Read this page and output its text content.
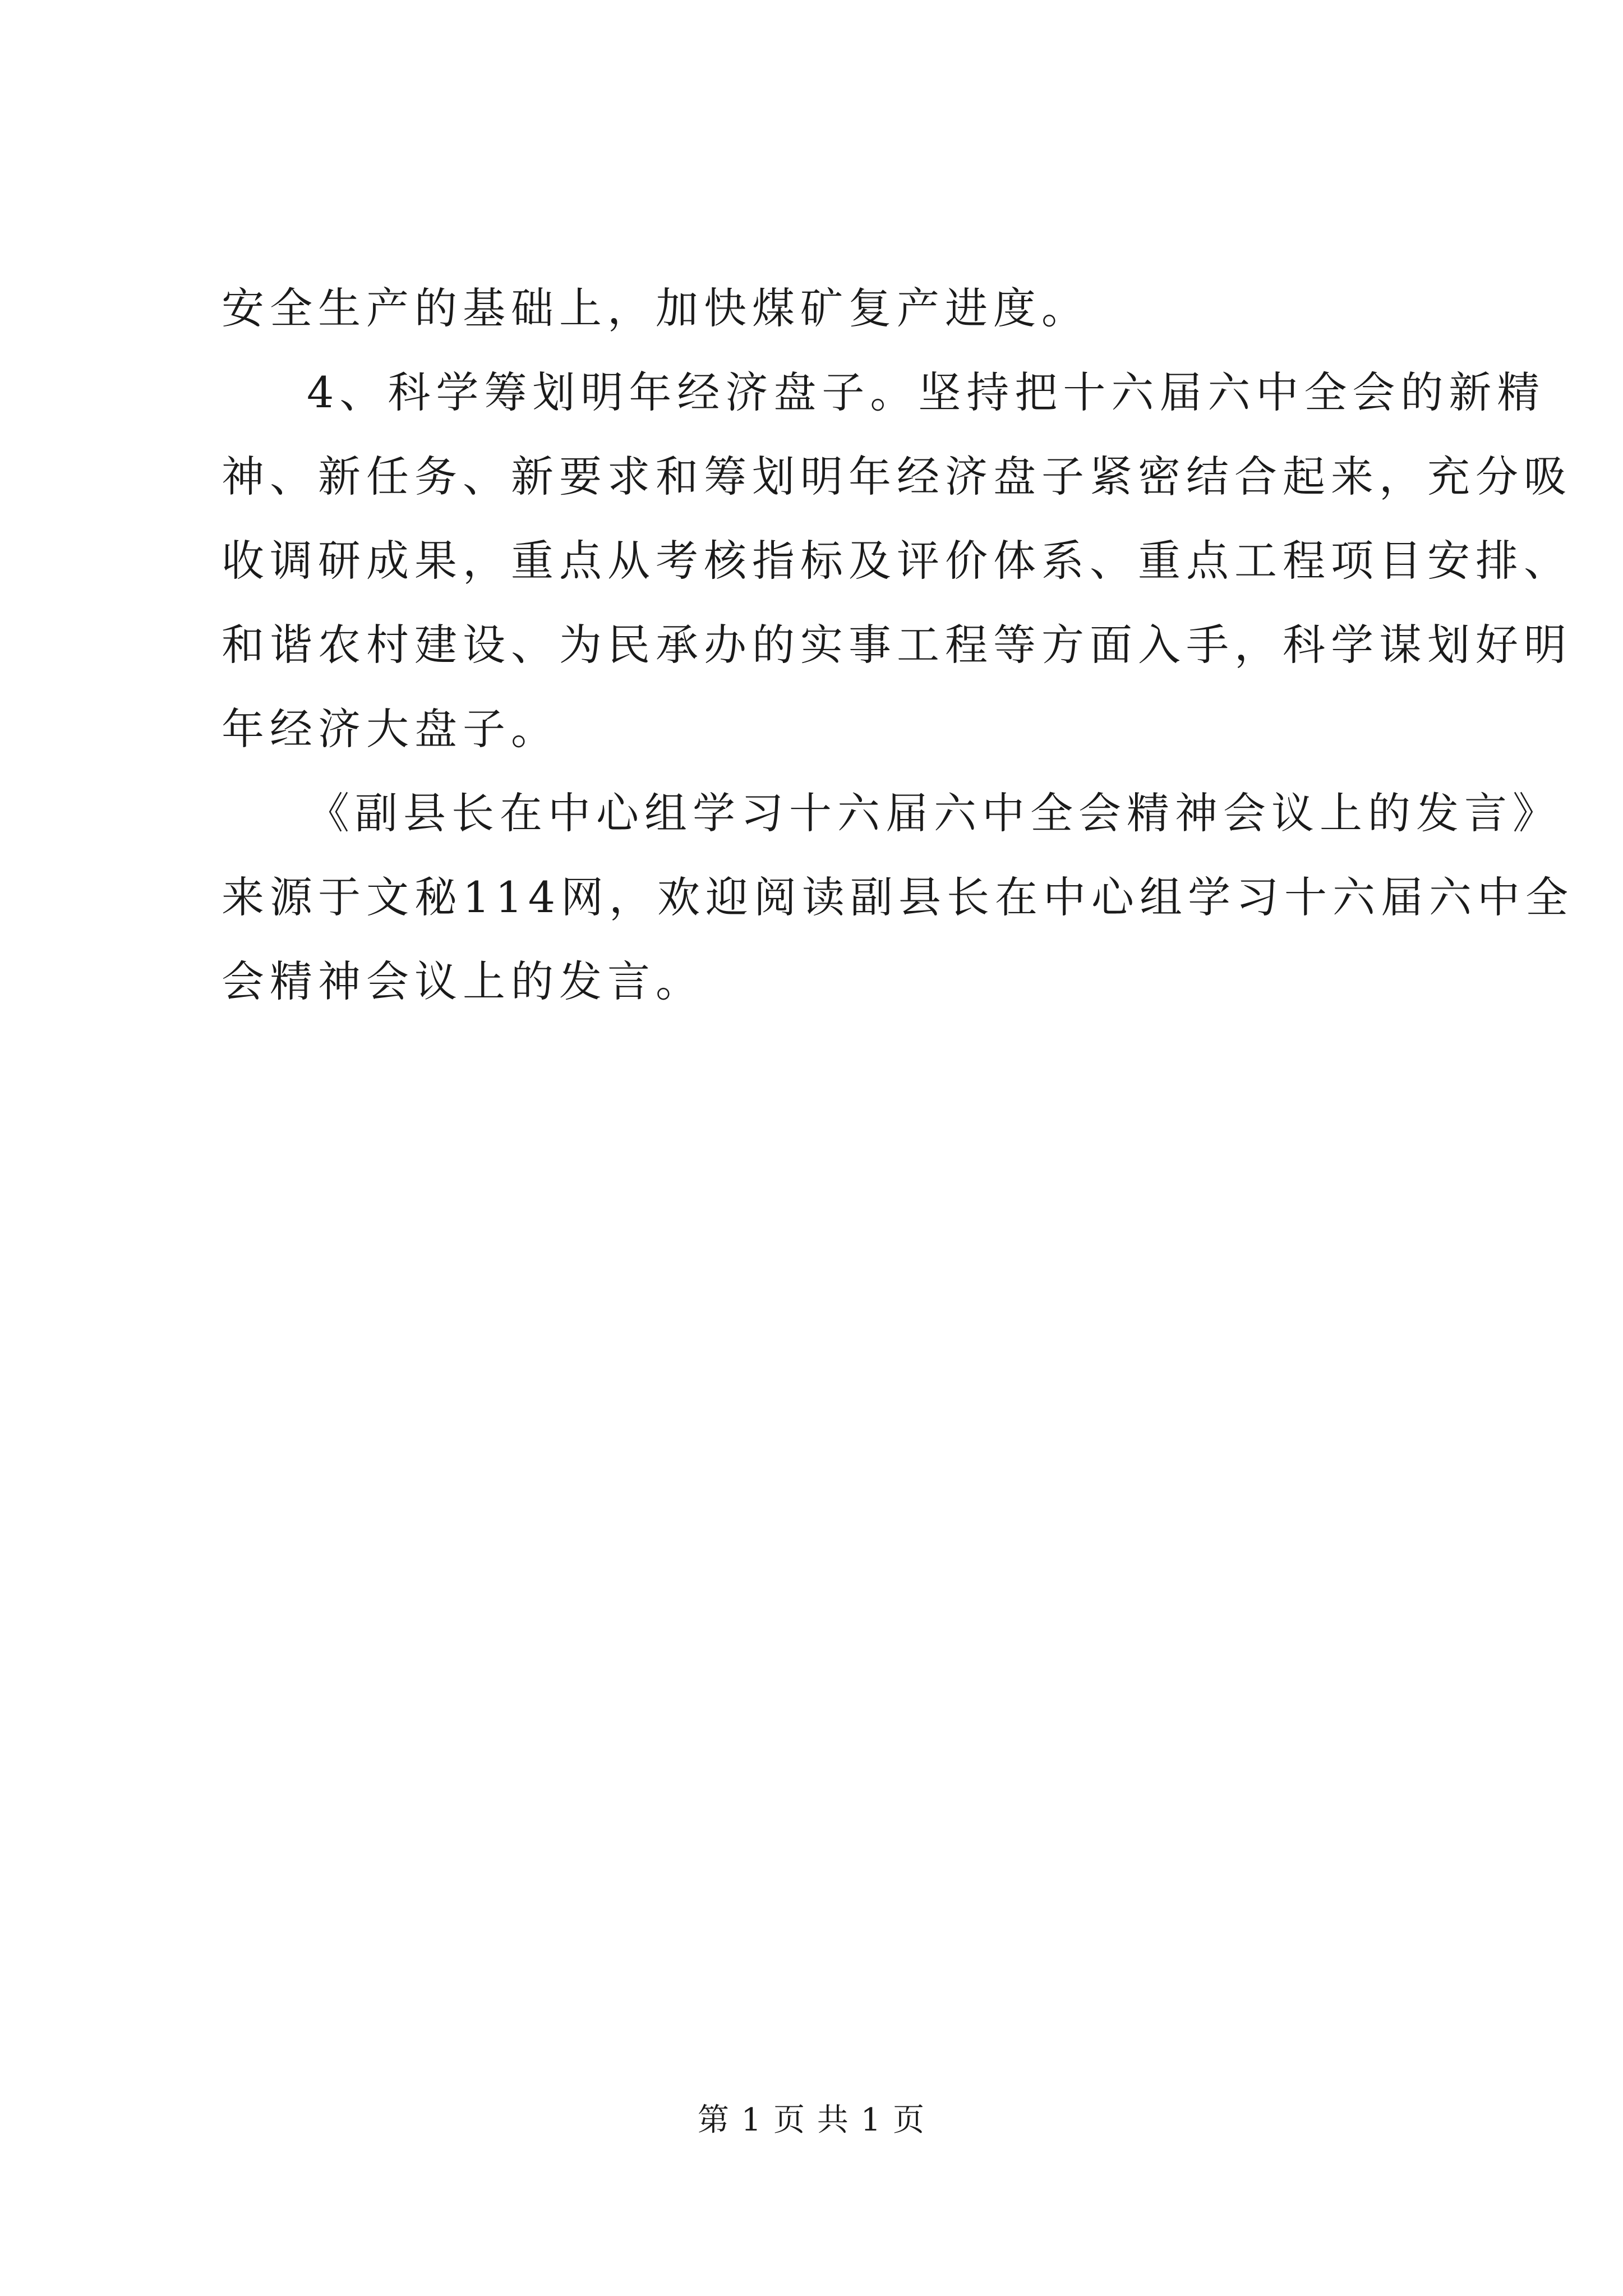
安全生产的基础上，加快煤矿复产进度。
4、科学筹划明年经济盘子。坚持把十六届六中全会的新精
神、新任务、新要求和筹划明年经济盘子紧密结合起来，充分吸
收调研成果，重点从考核指标及评价体系、重点工程项目安排、
和谐农村建设、为民承办的实事工程等方面入手，科学谋划好明
年经济大盘子。
《副县长在中心组学习十六届六中全会精神会议上的发言》
来源于文秘114网，欢迎阅读副县长在中心组学习十六届六中全
会精神会议上的发言。
第 1 页 共 1 页
